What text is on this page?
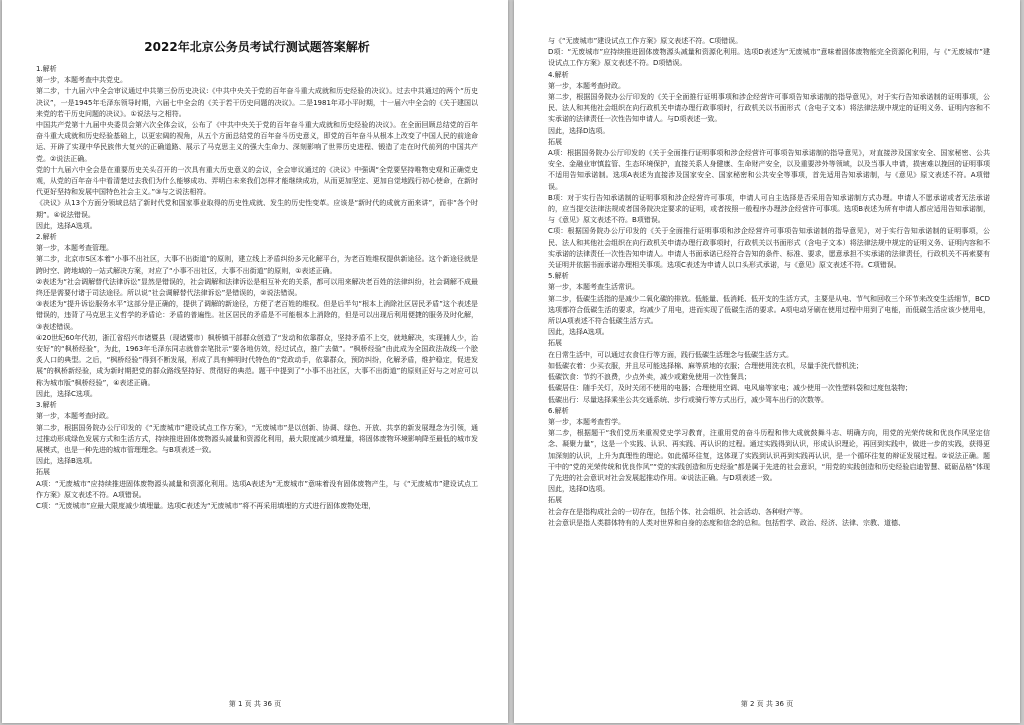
2022年北京公务员考试行测试题答案解析

1.解析

第一步，本题考查中共党史。

第二步，十九届六中全会审议通过中共第三份历史决议:《中共中央关于党的百年奋斗重大成就和历史经验的决议》。过去中共通过的两个“历史决议”，一是1945年毛泽东领导时期，六届七中全会的《关于若干历史问题的决议》。二是1981年邓小平时期，十一届六中全会的《关于建国以来党的若干历史问题的决议》。①说法与之相符。

中国共产党第十九届中央委员会第六次全体会议，公布了《中共中央关于党的百年奋斗重大成就和历史经验的决议》。在全面回顾总结党的百年奋斗重大成就和历史经验基础上，以更宏阔的视角，从五个方面总结党的百年奋斗历史意义，即党的百年奋斗从根本上改变了中国人民的前途命运、开辟了实现中华民族伟大复兴的正确道路、展示了马克思主义的强大生命力、深刻影响了世界历史进程、锻造了走在时代前列的中国共产党。②说法正确。

党的十九届六中全会是在重要历史关头召开的一次具有重大历史意义的会议，全会审议通过的《决议》中强调“全党要坚持唯物史观和正确党史观，从党的百年奋斗中看清楚过去我们为什么能够成功、弄明白未来我们怎样才能继续成功，从而更加坚定、更加自觉地践行初心使命，在新时代更好坚持和发展中国特色社会主义。”③与之说法相符。

《决议》从13个方面分领域总结了新时代党和国家事业取得的历史性成就、发生的历史性变革。应该是“新时代的成就方面来讲”，而非“各个时期”。④说法错误。

因此，选择A选项。

2.解析

第一步，本题考查管理。

第二步，北京市S区本着“小事不出社区，大事不出街道”的原则，建立线上矛盾纠纷多元化解平台，为老百姓维权提供新途径。这个新途径就是跨时空、跨地域的一站式解决方案，对应了“小事不出社区，大事不出街道”的原则，①表述正确。

②表述为“社会调解替代法律诉讼”显然是错误的，社会调解和法律诉讼是相互补充的关系，都可以用来解决老百姓的法律纠纷，社会调解不成最终还是需要付诸于司法途径。所以说“社会调解替代法律诉讼”是错误的，②说法错误。

③表述为“提升诉讼服务水平”这部分是正确的，提供了调解的新途径，方便了老百姓的维权。但是后半句“根本上消除社区居民矛盾”这个表述是错误的，违背了马克思主义哲学的矛盾论：矛盾的普遍性。社区居民的矛盾是不可能根本上消除的，但是可以出现后利用便捷的服务及时化解，③表述错误。

④20世纪60年代初，浙江省绍兴市诸暨县（现诸暨市）枫桥镇干部群众创造了“发动和依靠群众，坚持矛盾不上交，就地解决，实现捕人少，治安好”的“枫桥经验”，为此，1963年毛泽东同志就曾亲笔批示“要各地仿效，经过试点，推广去做”。“枫桥经验”由此成为全国政法战线一个脍炙人口的典型。之后，“枫桥经验”得到不断发展，形成了具有鲜明时代特色的“党政动手，依靠群众，预防纠纷，化解矛盾，维护稳定，促进发展”的枫桥新经验，成为新时期把党的群众路线坚持好、贯彻好的典范。题干中提到了“小事不出社区，大事不出街道”的原则正好与之对应可以称为城市版“枫桥经验”，④表述正确。

因此，选择C选项。

3.解析

第一步，本题考查时政。

第二步，根据国务院办公厅印发的《“无废城市”建设试点工作方案》，“无废城市”是以创新、协调、绿色、开放、共享的新发展理念为引领，通过推动形成绿色发展方式和生活方式，持续推进固体废物源头减量和资源化利用，最大限度减少填埋量，将固体废物环境影响降至最低的城市发展模式，也是一种先进的城市管理理念。与B项表述一致。

因此，选择B选项。

拓展

A项：“无废城市”应持续推进固体废物源头减量和资源化利用。选项A表述为“无废城市”意味着没有固体废物产生，与《“无废城市”建设试点工作方案》原文表述不符。A项错误。

C项：“无废城市”应最大限度减少填埋量。选项C表述为“无废城市”将不再采用填埋的方式进行固体废物处理，

第 1 页 共 36 页

与《“无废城市”建设试点工作方案》原文表述不符。C项错误。

D项：“无废城市”应持续推进固体废物源头减量和资源化利用。选项D表述为“无废城市”意味着固体废物能完全资源化利用，与《“无废城市”建设试点工作方案》原文表述不符。D项错误。

4.解析

第一步，本题考查时政。

第二步，根据国务院办公厅印发的《关于全面推行证明事项和涉企经营许可事项告知承诺制的指导意见》，对于实行告知承诺制的证明事项，公民、法人和其他社会组织在向行政机关申请办理行政事项时，行政机关以书面形式（含电子文本）将法律法规中规定的证明义务、证明内容和不实承诺的法律责任一次性告知申请人。与D项表述一致。

因此，选择D选项。

拓展

A项：根据国务院办公厅印发的《关于全面推行证明事项和涉企经营许可事项告知承诺制的指导意见》，对直接涉及国家安全、国家秘密、公共安全、金融业审慎监管、生态环境保护，直接关系人身健康、生命财产安全，以及重要涉外等领域，以及当事人申请，损害难以挽回的证明事项不适用告知承诺制。选项A表述为直接涉及国家安全、国家秘密和公共安全等事项，首先适用告知承诺制，与《意见》原文表述不符。A项错误。

B项：对于实行告知承诺制的证明事项和涉企经营许可事项，申请人可自主选择是否采用告知承诺制方式办理。申请人不愿承诺或者无法承诺的，应当提交法律法规或者国务院决定要求的证明，或者按照一般程序办理涉企经营许可事项。选项B表述为所有申请人都应适用告知承诺制，与《意见》原文表述不符。B项错误。

C项：根据国务院办公厅印发的《关于全面推行证明事项和涉企经营许可事项告知承诺制的指导意见》，对于实行告知承诺制的证明事项，公民、法人和其他社会组织在向行政机关申请办理行政事项时，行政机关以书面形式（含电子文本）将法律法规中规定的证明义务、证明内容和不实承诺的法律责任一次性告知申请人。申请人书面承诺已经符合告知的条件、标准、要求，愿意承担不实承诺的法律责任，行政机关不再索要有关证明并依据书面承诺办理相关事项。选项C表述为申请人以口头形式承诺，与《意见》原文表述不符。C项错误。

5.解析

第一步，本题考查生活常识。

第二步，低碳生活指的是减少二氧化碳的排放。低能量、低消耗、低开支的生活方式，主要是从电、节气和回收三个环节来改变生活细节，BCD选项都符合低碳生活的要求，均减少了用电，进而实现了低碳生活的要求。A项电动牙刷在使用过程中用到了电能，而低碳生活应该少使用电，所以A项表述不符合低碳生活方式。

因此，选择A选项。

拓展

在日常生活中，可以通过衣食住行等方面，践行低碳生活理念与低碳生活方式。

如低碳衣着：少买衣服，并且尽可能选择棉、麻等质地的衣服；合理使用洗衣机，尽量手洗代替机洗；

低碳饮食：节约不浪费，少点外卖，减少或避免使用一次性餐具；

低碳居住：随手关灯，及时关闭不使用的电器；合理使用空调、电风扇等家电；减少使用一次性塑料袋和过度包装物；

低碳出行：尽量选择乘坐公共交通系统、步行或骑行等方式出行，减少驾车出行的次数等。

6.解析

第一步，本题考查哲学。

第二步，根据题干“我们党历来重视党史学习教育，注重用党的奋斗历程和伟大成就鼓舞斗志、明确方向，用党的光荣传统和优良作风坚定信念、凝聚力量”，这是一个实践、认识、再实践、再认识的过程。通过实践得到认识，形成认识理论，再回到实践中，做进一步的实践，获得更加深刻的认识，上升为真理性的理论。如此循环往复，这体现了实践到认识再到实践再认识，是一个循环往复的辩证发展过程。②说法正确。题干中的“党的光荣传统和优良作风”“党的实践创造和历史经验”都是属于先进的社会意识，“用党的实践创造和历史经验启迪智慧、砥砺品格”体现了先进的社会意识对社会发展起推动作用。④说法正确。与D项表述一致。

因此，选择D选项。

拓展

社会存在是指构成社会的一切存在，包括个体、社会组织、社会活动、各种财产等。

社会意识是指人类群体特有的人类对世界和自身的态度和信念的总和。包括哲学、政治、经济、法律、宗教、道德、

第 2 页 共 36 页
